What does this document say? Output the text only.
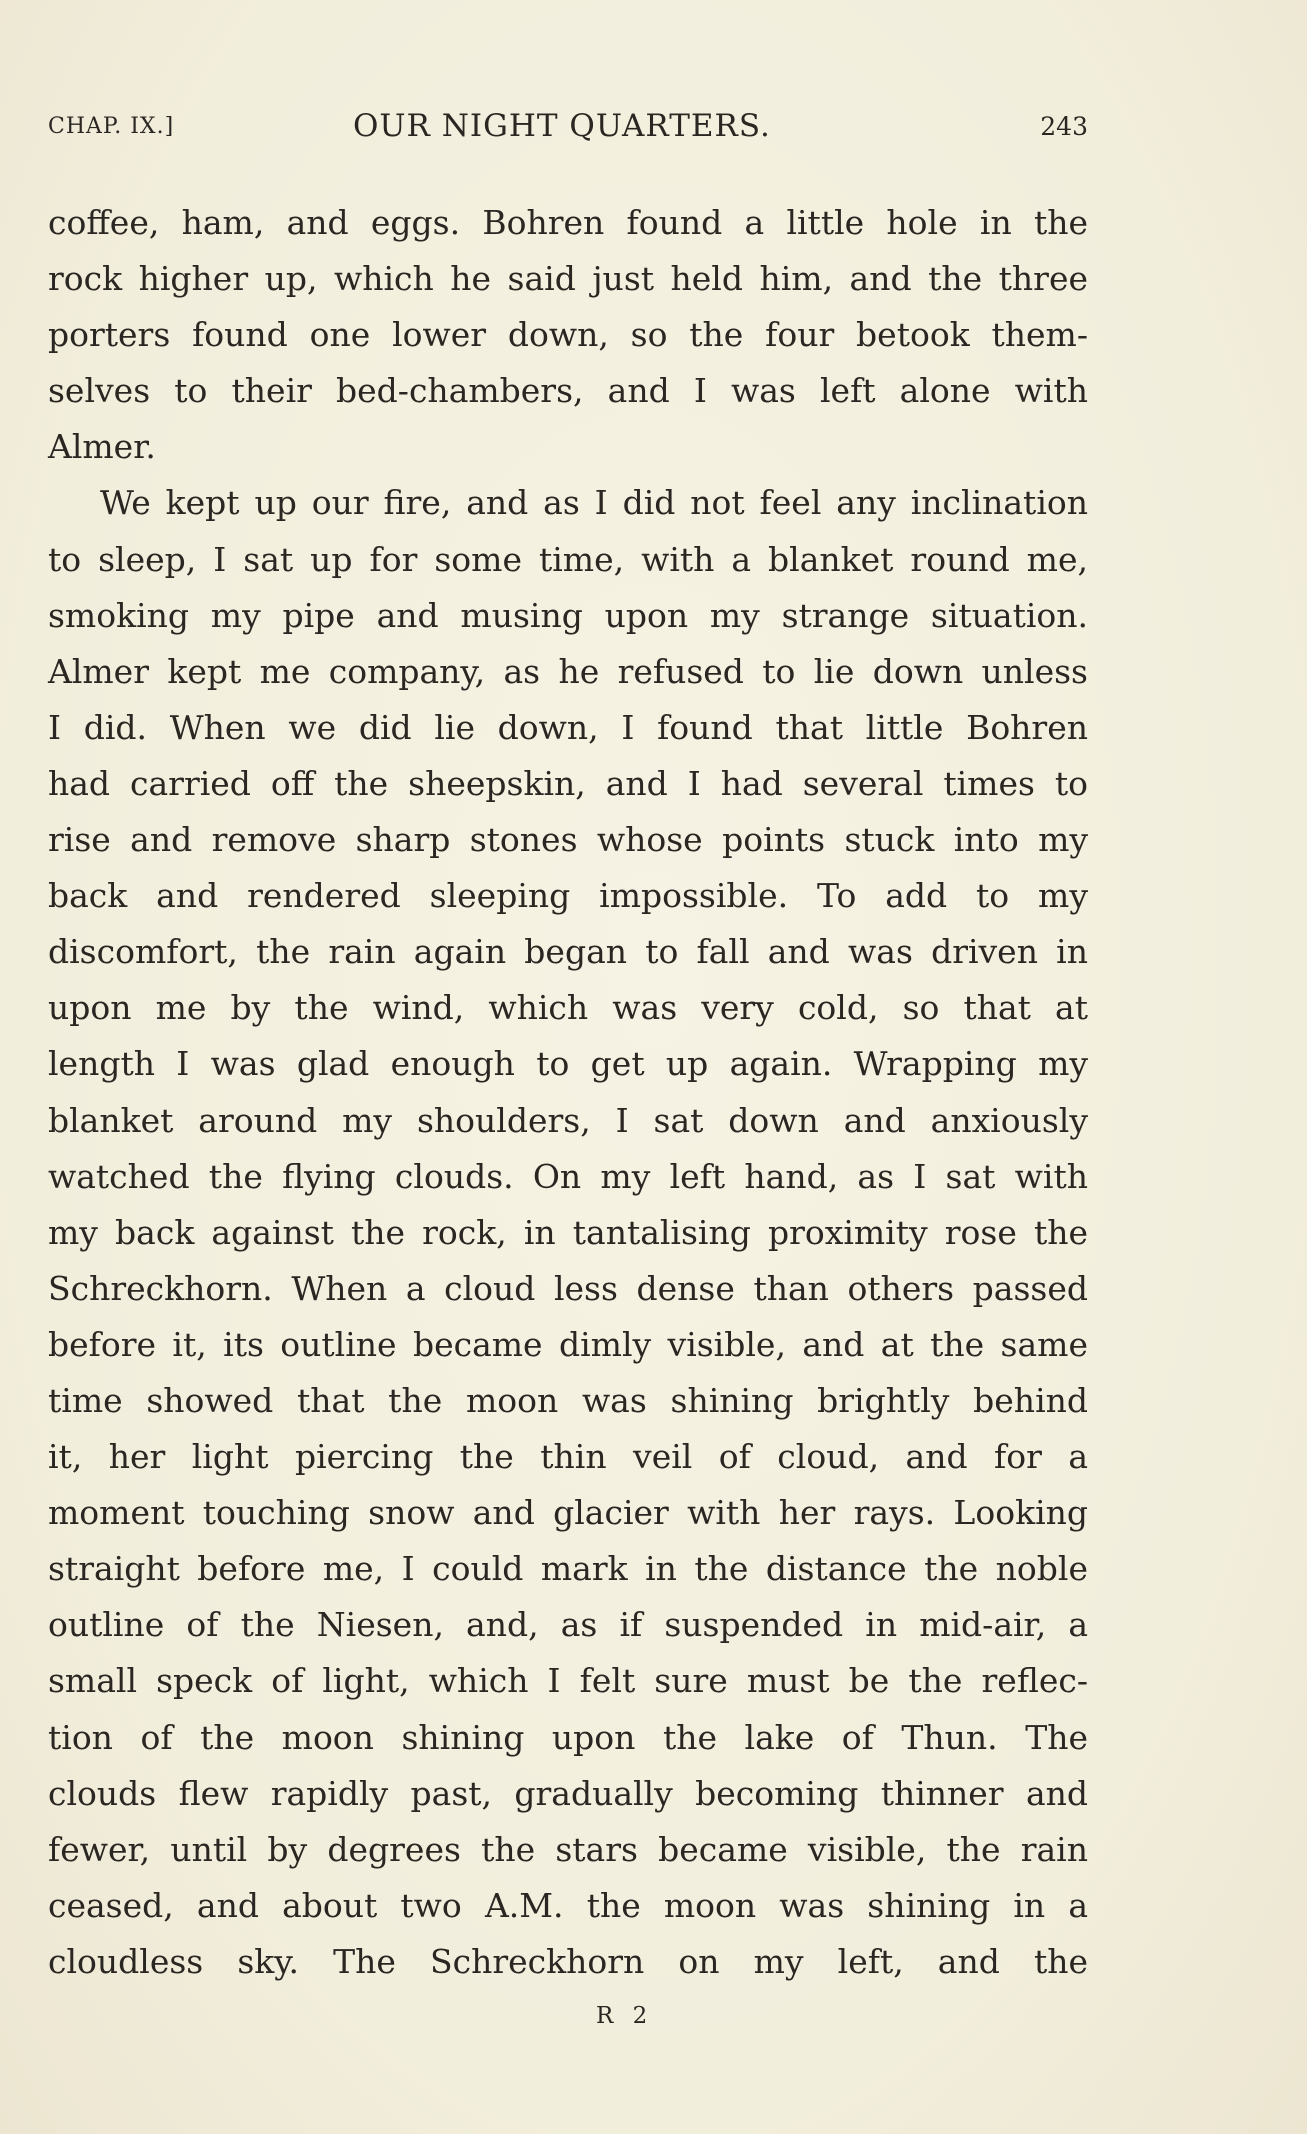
CHAP. IX.]	OUR NIGHT QUARTERS.	243
coffee, ham, and eggs. Bohren found a little hole in the
rock higher up, which he said just held him, and the three
porters found one lower down, so the four betook them-
selves to their bed-chambers, and I was left alone with
Almer.
We kept up our fire, and as I did not feel any inclination
to sleep, I sat up for some time, with a blanket round me,
smoking my pipe and musing upon my strange situation.
Almer kept me company, as he refused to lie down unless
I did. When we did lie down, I found that little Bohren
had carried off the sheepskin, and I had several times to
rise and remove sharp stones whose points stuck into my
back and rendered sleeping impossible. To add to my
discomfort, the rain again began to fall and was driven in
upon me by the wind, which was very cold, so that at
length I was glad enough to get up again. Wrapping my
blanket around my shoulders, I sat down and anxiously
watched the flying clouds. On my left hand, as I sat with
my back against the rock, in tantalising proximity rose the
Schreckhorn. When a cloud less dense than others passed
before it, its outline became dimly visible, and at the same
time showed that the moon was shining brightly behind
it, her light piercing the thin veil of cloud, and for a
moment touching snow and glacier with her rays. Looking
straight before me, I could mark in the distance the noble
outline of the Niesen, and, as if suspended in mid-air, a
small speck of light, which I felt sure must be the reflec-
tion of the moon shining upon the lake of Thun. The
clouds flew rapidly past, gradually becoming thinner and
fewer, until by degrees the stars became visible, the rain
ceased, and about two A.M. the moon was shining in a
cloudless sky. The Schreckhorn on my left, and the
R 2
